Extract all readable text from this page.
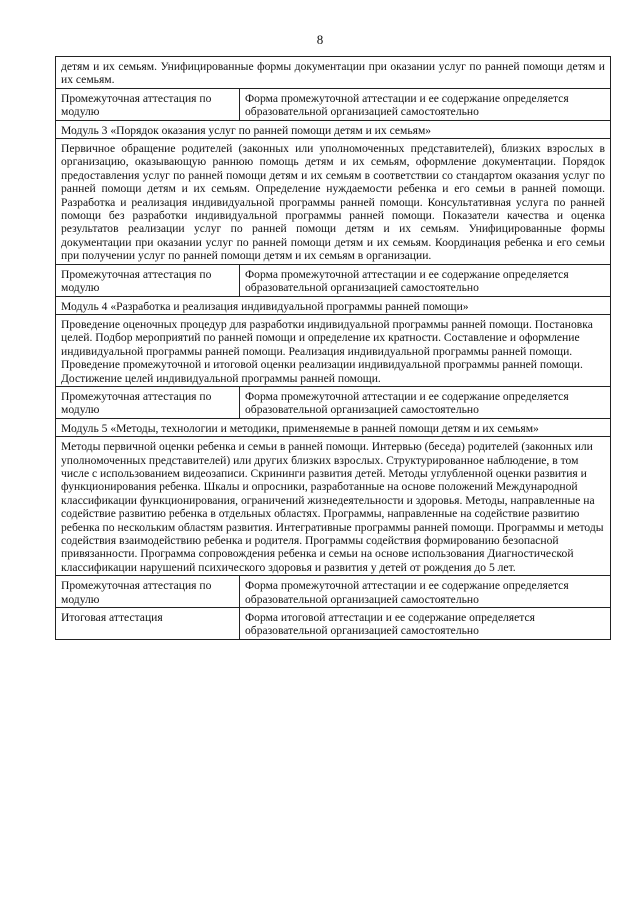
8
детям и их семьям. Унифицированные формы документации при оказании услуг по ранней помощи детям и их семьям.	
Промежуточная аттестация по модулю	Форма промежуточной аттестации и ее содержание определяется образовательной организацией самостоятельно
Модуль 3 «Порядок оказания услуг по ранней помощи детям и их семьям»	
Первичное обращение родителей (законных или уполномоченных представителей), близких взрослых в организацию, оказывающую раннюю помощь детям и их семьям, оформление документации. Порядок предоставления услуг по ранней помощи детям и их семьям в соответствии со стандартом оказания услуг по ранней помощи детям и их семьям. Определение нуждаемости ребенка и его семьи в ранней помощи. Разработка и реализация индивидуальной программы ранней помощи. Консультативная услуга по ранней помощи без разработки индивидуальной программы ранней помощи. Показатели качества и оценка результатов реализации услуг по ранней помощи детям и их семьям. Унифицированные формы документации при оказании услуг по ранней помощи детям и их семьям. Координация ребенка и его семьи при получении услуг по ранней помощи детям и их семьям в организации.	
Промежуточная аттестация по модулю	Форма промежуточной аттестации и ее содержание определяется образовательной организацией самостоятельно
Модуль 4 «Разработка и реализация индивидуальной программы ранней помощи»	
Проведение оценочных процедур для разработки индивидуальной программы ранней помощи. Постановка целей. Подбор мероприятий по ранней помощи и определение их кратности. Составление и оформление индивидуальной программы ранней помощи. Реализация индивидуальной программы ранней помощи. Проведение промежуточной и итоговой оценки реализации индивидуальной программы ранней помощи. Достижение целей индивидуальной программы ранней помощи.	
Промежуточная аттестация по модулю	Форма промежуточной аттестации и ее содержание определяется образовательной организацией самостоятельно
Модуль 5 «Методы, технологии и методики, применяемые в ранней помощи детям и их семьям»	
Методы первичной оценки ребенка и семьи в ранней помощи. Интервью (беседа) родителей (законных или уполномоченных представителей) или других близких взрослых. Структурированное наблюдение, в том числе с использованием видеозаписи. Скрининги развития детей. Методы углубленной оценки развития и функционирования ребенка. Шкалы и опросники, разработанные на основе положений Международной классификации функционирования, ограничений жизнедеятельности и здоровья. Методы, направленные на содействие развитию ребенка в отдельных областях. Программы, направленные на содействие развитию ребенка по нескольким областям развития. Интегративные программы ранней помощи. Программы и методы содействия взаимодействию ребенка и родителя. Программы содействия формированию безопасной привязанности. Программа сопровождения ребенка и семьи на основе использования Диагностической классификации нарушений психического здоровья и развития у детей от рождения до 5 лет.	
Промежуточная аттестация по модулю	Форма промежуточной аттестации и ее содержание определяется образовательной организацией самостоятельно
Итоговая аттестация	Форма итоговой аттестации и ее содержание определяется образовательной организацией самостоятельно
